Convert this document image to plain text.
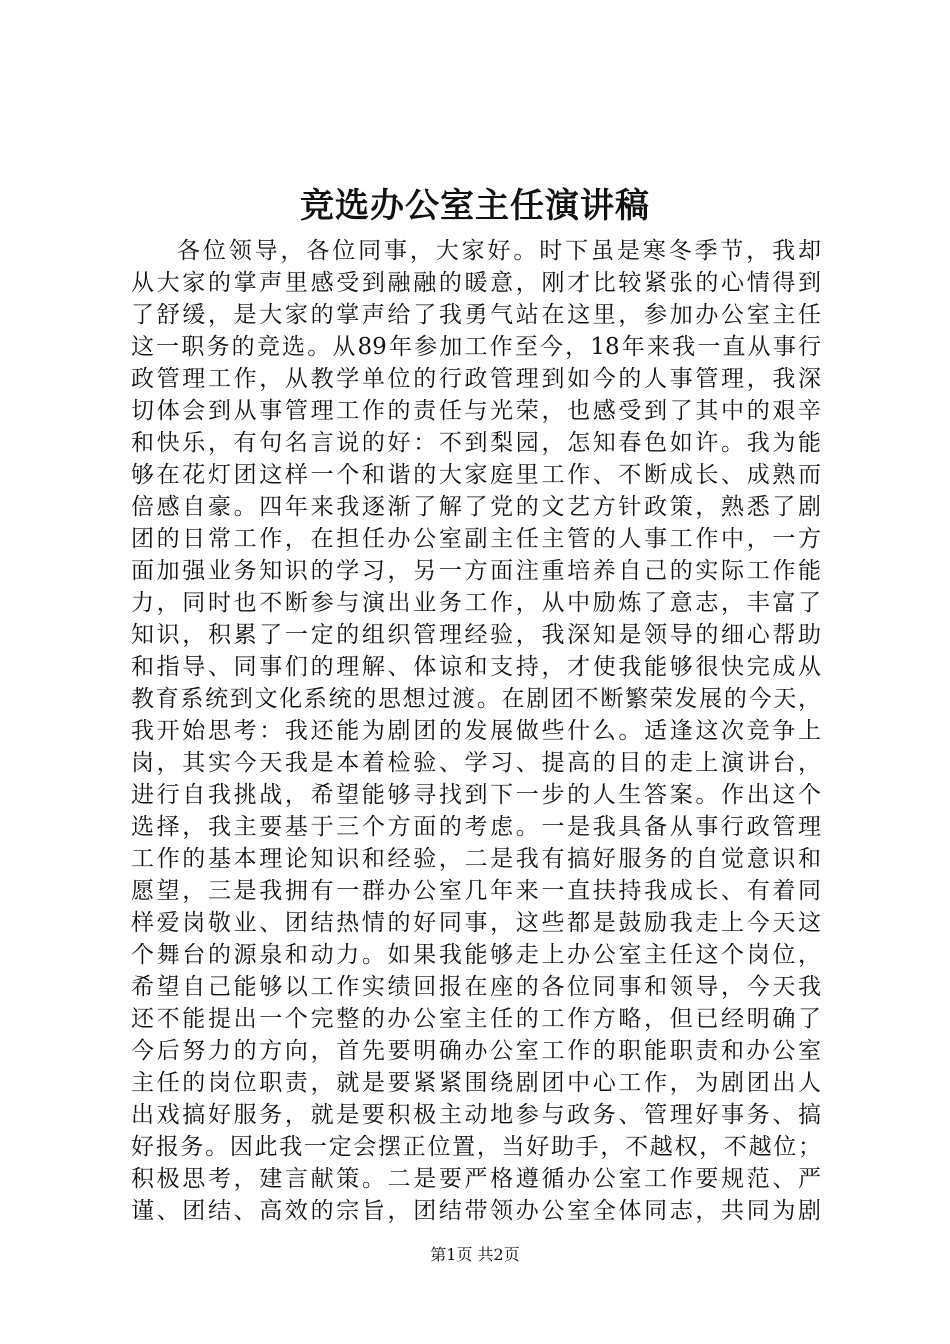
竞选办公室主任演讲稿
各位领导，各位同事，大家好。时下虽是寒冬季节，我却
从大家的掌声里感受到融融的暖意，刚才比较紧张的心情得到
了舒缓，是大家的掌声给了我勇气站在这里，参加办公室主任
这一职务的竞选。从89年参加工作至今，18年来我一直从事行
政管理工作，从教学单位的行政管理到如今的人事管理，我深
切体会到从事管理工作的责任与光荣，也感受到了其中的艰辛
和快乐，有句名言说的好：不到梨园，怎知春色如许。我为能
够在花灯团这样一个和谐的大家庭里工作、不断成长、成熟而
倍感自豪。四年来我逐渐了解了党的文艺方针政策，熟悉了剧
团的日常工作，在担任办公室副主任主管的人事工作中，一方
面加强业务知识的学习，另一方面注重培养自己的实际工作能
力，同时也不断参与演出业务工作，从中励炼了意志，丰富了
知识，积累了一定的组织管理经验，我深知是领导的细心帮助
和指导、同事们的理解、体谅和支持，才使我能够很快完成从
教育系统到文化系统的思想过渡。在剧团不断繁荣发展的今天，
我开始思考：我还能为剧团的发展做些什么。适逢这次竞争上
岗，其实今天我是本着检验、学习、提高的目的走上演讲台，
进行自我挑战，希望能够寻找到下一步的人生答案。作出这个
选择，我主要基于三个方面的考虑。一是我具备从事行政管理
工作的基本理论知识和经验，二是我有搞好服务的自觉意识和
愿望，三是我拥有一群办公室几年来一直扶持我成长、有着同
样爱岗敬业、团结热情的好同事，这些都是鼓励我走上今天这
个舞台的源泉和动力。如果我能够走上办公室主任这个岗位，
希望自己能够以工作实绩回报在座的各位同事和领导，今天我
还不能提出一个完整的办公室主任的工作方略，但已经明确了
今后努力的方向，首先要明确办公室工作的职能职责和办公室
主任的岗位职责，就是要紧紧围绕剧团中心工作，为剧团出人
出戏搞好服务，就是要积极主动地参与政务、管理好事务、搞
好报务。因此我一定会摆正位置，当好助手，不越权，不越位；
积极思考，建言献策。二是要严格遵循办公室工作要规范、严
谨、团结、高效的宗旨，团结带领办公室全体同志，共同为剧
第1页 共2页
